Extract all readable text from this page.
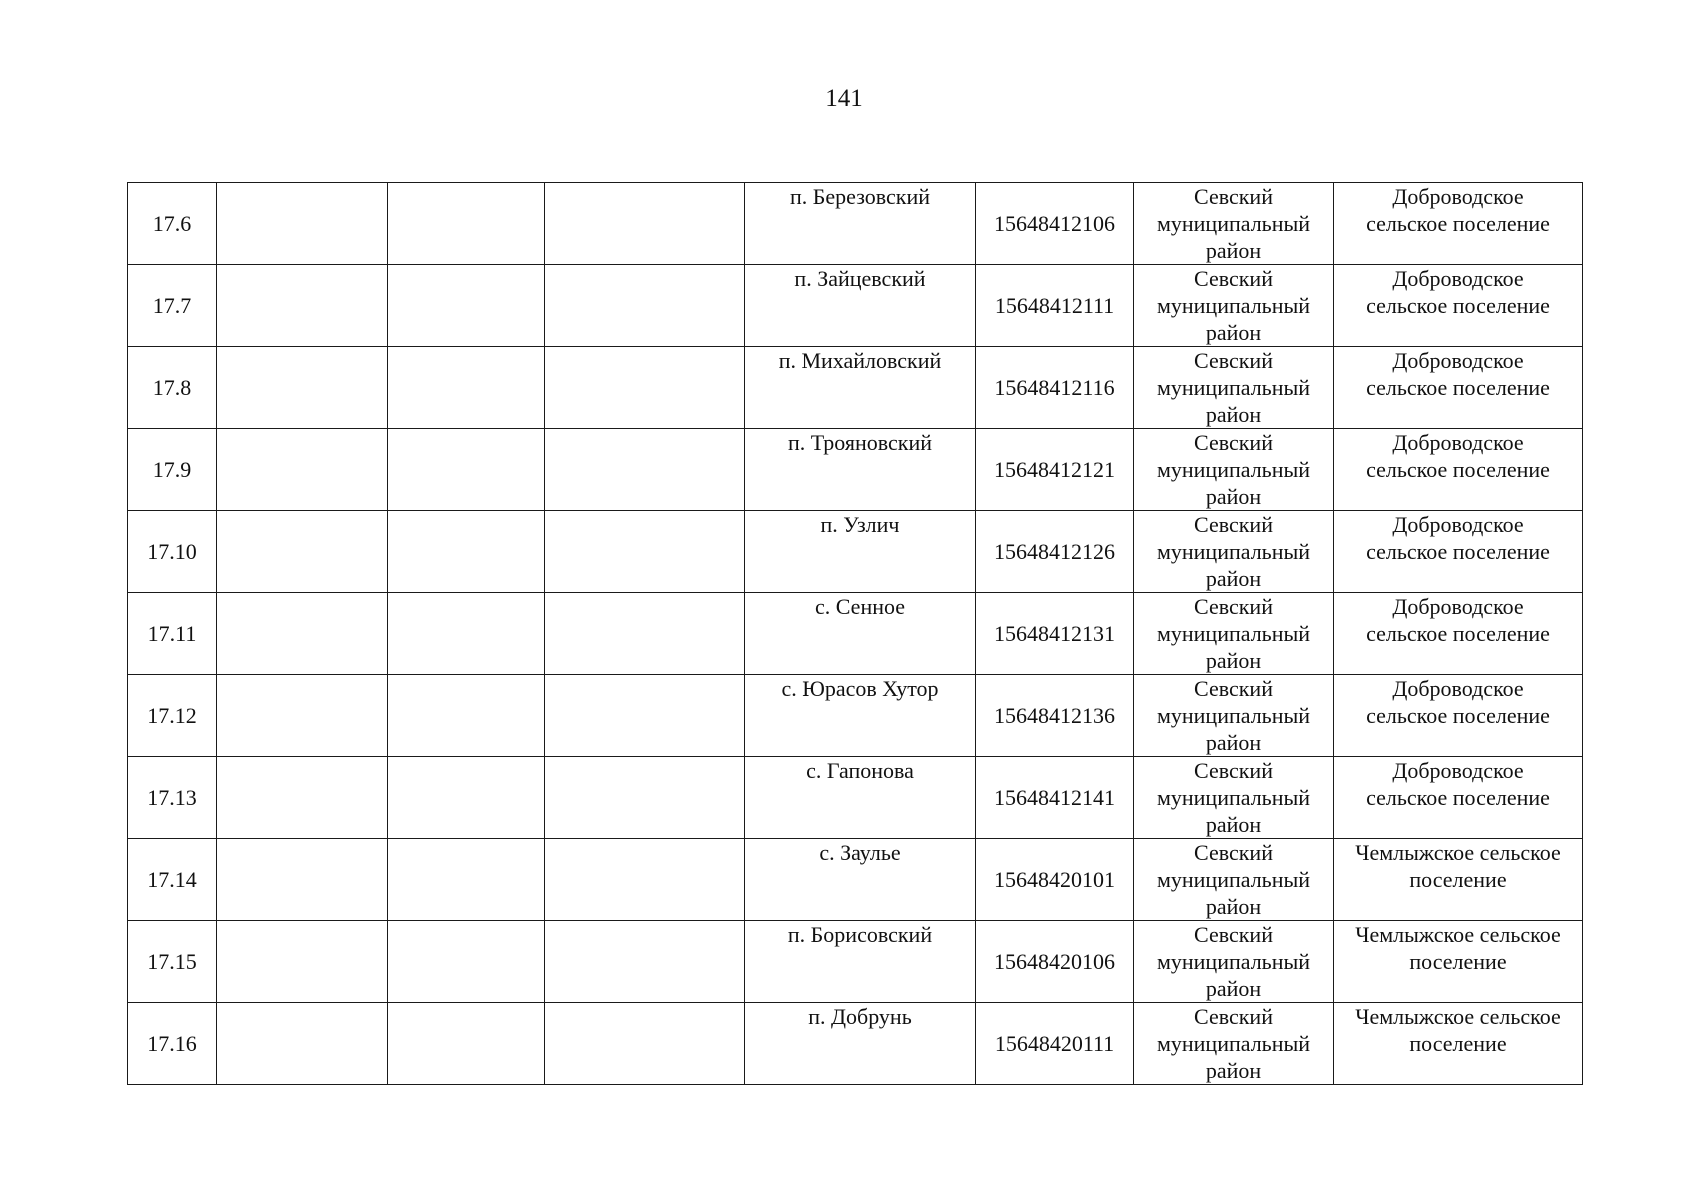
141
17.6				п. Березовский	15648412106	Севский
муниципальный
район	Доброводское
сельское поселение

17.7				п. Зайцевский	15648412111	Севский
муниципальный
район	Доброводское
сельское поселение

17.8				п. Михайловский	15648412116	Севский
муниципальный
район	Доброводское
сельское поселение

17.9				п. Трояновский	15648412121	Севский
муниципальный
район	Доброводское
сельское поселение

17.10				п. Узлич	15648412126	Севский
муниципальный
район	Доброводское
сельское поселение

17.11				с. Сенное	15648412131	Севский
муниципальный
район	Доброводское
сельское поселение

17.12				с. Юрасов Хутор	15648412136	Севский
муниципальный
район	Доброводское
сельское поселение

17.13				с. Гапонова	15648412141	Севский
муниципальный
район	Доброводское
сельское поселение

17.14				с. Заулье	15648420101	Севский
муниципальный
район	Чемлыжское сельское
поселение

17.15				п. Борисовский	15648420106	Севский
муниципальный
район	Чемлыжское сельское
поселение

17.16				п. Добрунь	15648420111	Севский
муниципальный
район	Чемлыжское сельское
поселение
